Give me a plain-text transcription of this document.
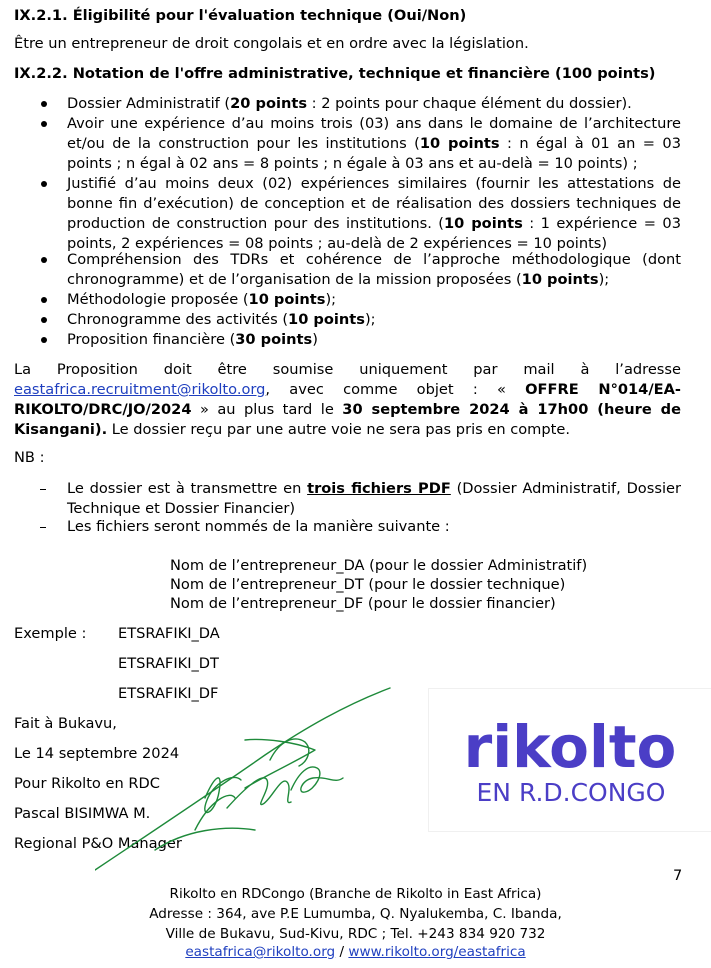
IX.2.1. Éligibilité pour l'évaluation technique (Oui/Non)
Être un entrepreneur de droit congolais et en ordre avec la législation.
IX.2.2. Notation de l'offre administrative, technique et financière (100 points)
Dossier Administratif (20 points : 2 points pour chaque élément du dossier).
Avoir une expérience d’au moins trois (03) ans dans le domaine de l’architecture et/ou de la construction pour les institutions (10 points : n égal à 01 an = 03 points ; n égal à 02 ans = 8 points ; n égale à 03 ans et au-delà = 10 points) ;
Justifié d’au moins deux (02) expériences similaires (fournir les attestations de bonne fin d’exécution) de conception et de réalisation des dossiers techniques de production de construction pour des institutions. (10 points : 1 expérience = 03 points, 2 expériences = 08 points ; au-delà de 2 expériences = 10 points)
Compréhension des TDRs et cohérence de l’approche méthodologique (dont chronogramme) et de l’organisation de la mission proposées (10 points);
Méthodologie proposée (10 points);
Chronogramme des activités (10 points);
Proposition financière (30 points)
La Proposition doit être soumise uniquement par mail à l’adresse eastafrica.recruitment@rikolto.org, avec comme objet : « OFFRE N°014/EA-RIKOLTO/DRC/JO/2024 » au plus tard le 30 septembre 2024 à 17h00 (heure de Kisangani). Le dossier reçu par une autre voie ne sera pas pris en compte.
NB :
Le dossier est à transmettre en trois fichiers PDF (Dossier Administratif, Dossier Technique et Dossier Financier)
Les fichiers seront nommés de la manière suivante :
Nom de l’entrepreneur_DA (pour le dossier Administratif)
Nom de l’entrepreneur_DT (pour le dossier technique)
Nom de l’entrepreneur_DF (pour le dossier financier)
Exemple : ETSRAFIKI_DA
ETSRAFIKI_DT
ETSRAFIKI_DF
Fait à Bukavu,
Le 14 septembre 2024
Pour Rikolto en RDC
Pascal BISIMWA M.
Regional P&O Manager
rikolto
EN R.D.CONGO
7
Rikolto en RDCongo (Branche de Rikolto in East Africa)
Adresse : 364, ave P.E Lumumba, Q. Nyalukemba, C. Ibanda,
Ville de Bukavu, Sud-Kivu, RDC ; Tel. +243 834 920 732
eastafrica@rikolto.org / www.rikolto.org/eastafrica
